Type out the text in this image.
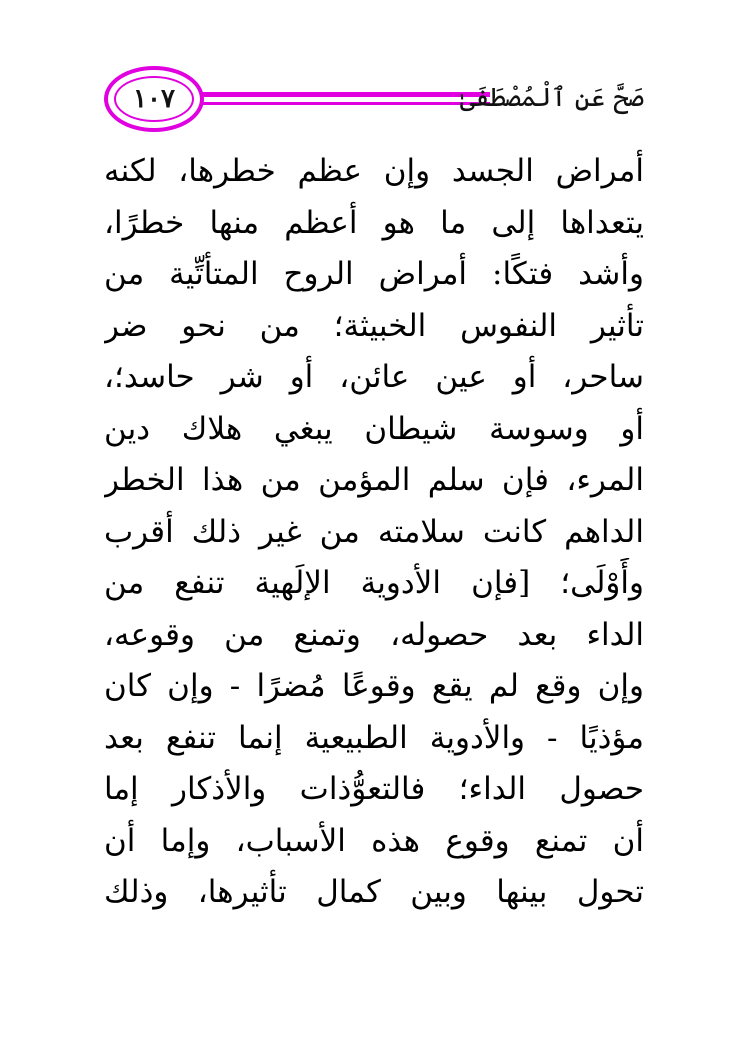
١٠٧	صَحَّ عَنِ ٱلْمُصْطَفَىٰ
أمراض الجسد وإن عظم خطرها، لكنه
يتعداها إلى ما هو أعظم منها خطرًا،
وأشد فتكًا: أمراض الروح المتأتِّية من
تأثير النفوس الخبيثة؛ من نحو ضر
ساحر، أو عين عائن، أو شر حاسد؛،
أو وسوسة شيطان يبغي هلاك دين
المرء، فإن سلم المؤمن من هذا الخطر
الداهم كانت سلامته من غير ذلك أقرب
وأَوْلَى؛ [فإن الأدوية الإلَهية تنفع من
الداء بعد حصوله، وتمنع من وقوعه،
وإن وقع لم يقع وقوعًا مُضرًا - وإن كان
مؤذيًا - والأدوية الطبيعية إنما تنفع بعد
حصول الداء؛ فالتعوُّذات والأذكار إما
أن تمنع وقوع هذه الأسباب، وإما أن
تحول بينها وبين كمال تأثيرها، وذلك
